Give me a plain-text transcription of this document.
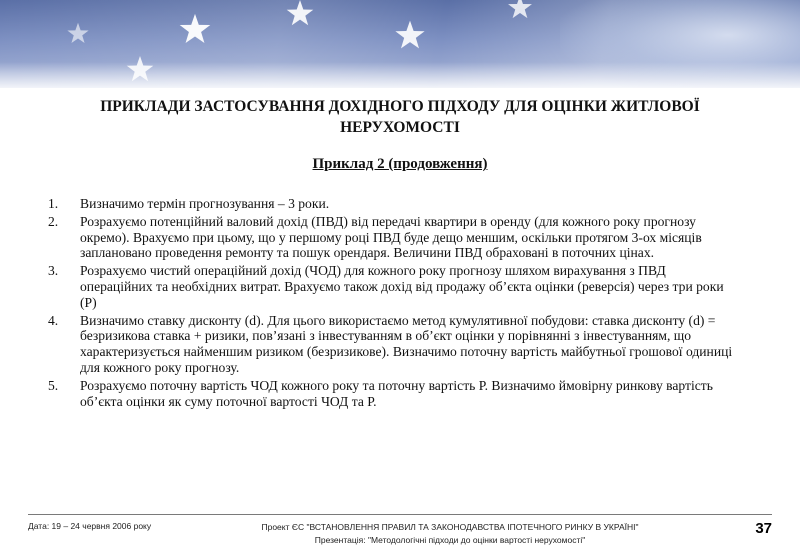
ПРИКЛАДИ ЗАСТОСУВАННЯ ДОХІДНОГО ПІДХОДУ ДЛЯ ОЦІНКИ ЖИТЛОВОЇ НЕРУХОМОСТІ
Приклад 2 (продовження)
1. Визначимо термін прогнозування – 3 роки.
2. Розрахуємо потенційний валовий дохід (ПВД) від передачі квартири в оренду (для кожного року прогнозу окремо). Врахуємо при цьому, що у першому році ПВД буде дещо меншим, оскільки протягом 3-ох місяців заплановано проведення ремонту та пошук орендаря. Величини ПВД обраховані в поточних цінах.
3. Розрахуємо чистий операційний дохід (ЧОД) для кожного року прогнозу шляхом вирахування з ПВД операційних та необхідних витрат. Врахуємо також дохід від продажу об’єкта оцінки (реверсія) через три роки (Р)
4. Визначимо ставку дисконту (d). Для цього використаємо метод кумулятивної побудови: ставка дисконту (d) = безризикова ставка + ризики, пов’язані з інвестуванням в об’єкт оцінки у порівнянні з інвестуванням, що характеризується найменшим ризиком (безризикове). Визначимо поточну вартість майбутньої грошової одиниці для кожного року прогнозу.
5. Розрахуємо поточну вартість ЧОД кожного року та поточну вартість Р. Визначимо ймовірну ринкову вартість об’єкта оцінки як суму поточної вартості ЧОД та Р.
Дата: 19 – 24 червня 2006 року	Проект ЄС "ВСТАНОВЛЕННЯ ПРАВИЛ ТА ЗАКОНОДАВСТВА ІПОТЕЧНОГО РИНКУ В УКРАЇНІ"
Презентація: "Методологічні підходи до оцінки вартості нерухомості"
37
